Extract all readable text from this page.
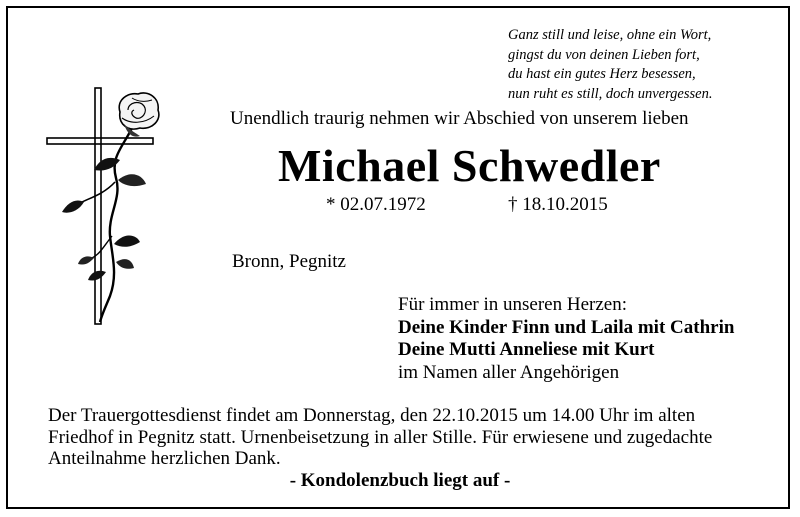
Ganz still und leise, ohne ein Wort,
gingst du von deinen Lieben fort,
du hast ein gutes Herz besessen,
nun ruht es still, doch unvergessen.
Unendlich traurig nehmen wir Abschied von unserem lieben
Michael Schwedler
* 02.07.1972	† 18.10.2015
Bronn, Pegnitz
Für immer in unseren Herzen:
Deine Kinder Finn und Laila mit Cathrin
Deine Mutti Anneliese mit Kurt
im Namen aller Angehörigen
Der Trauergottesdienst findet am Donnerstag, den 22.10.2015 um 14.00 Uhr im alten
Friedhof in Pegnitz statt. Urnenbeisetzung in aller Stille. Für erwiesene und zugedachte
Anteilnahme herzlichen Dank.
- Kondolenzbuch liegt auf -
